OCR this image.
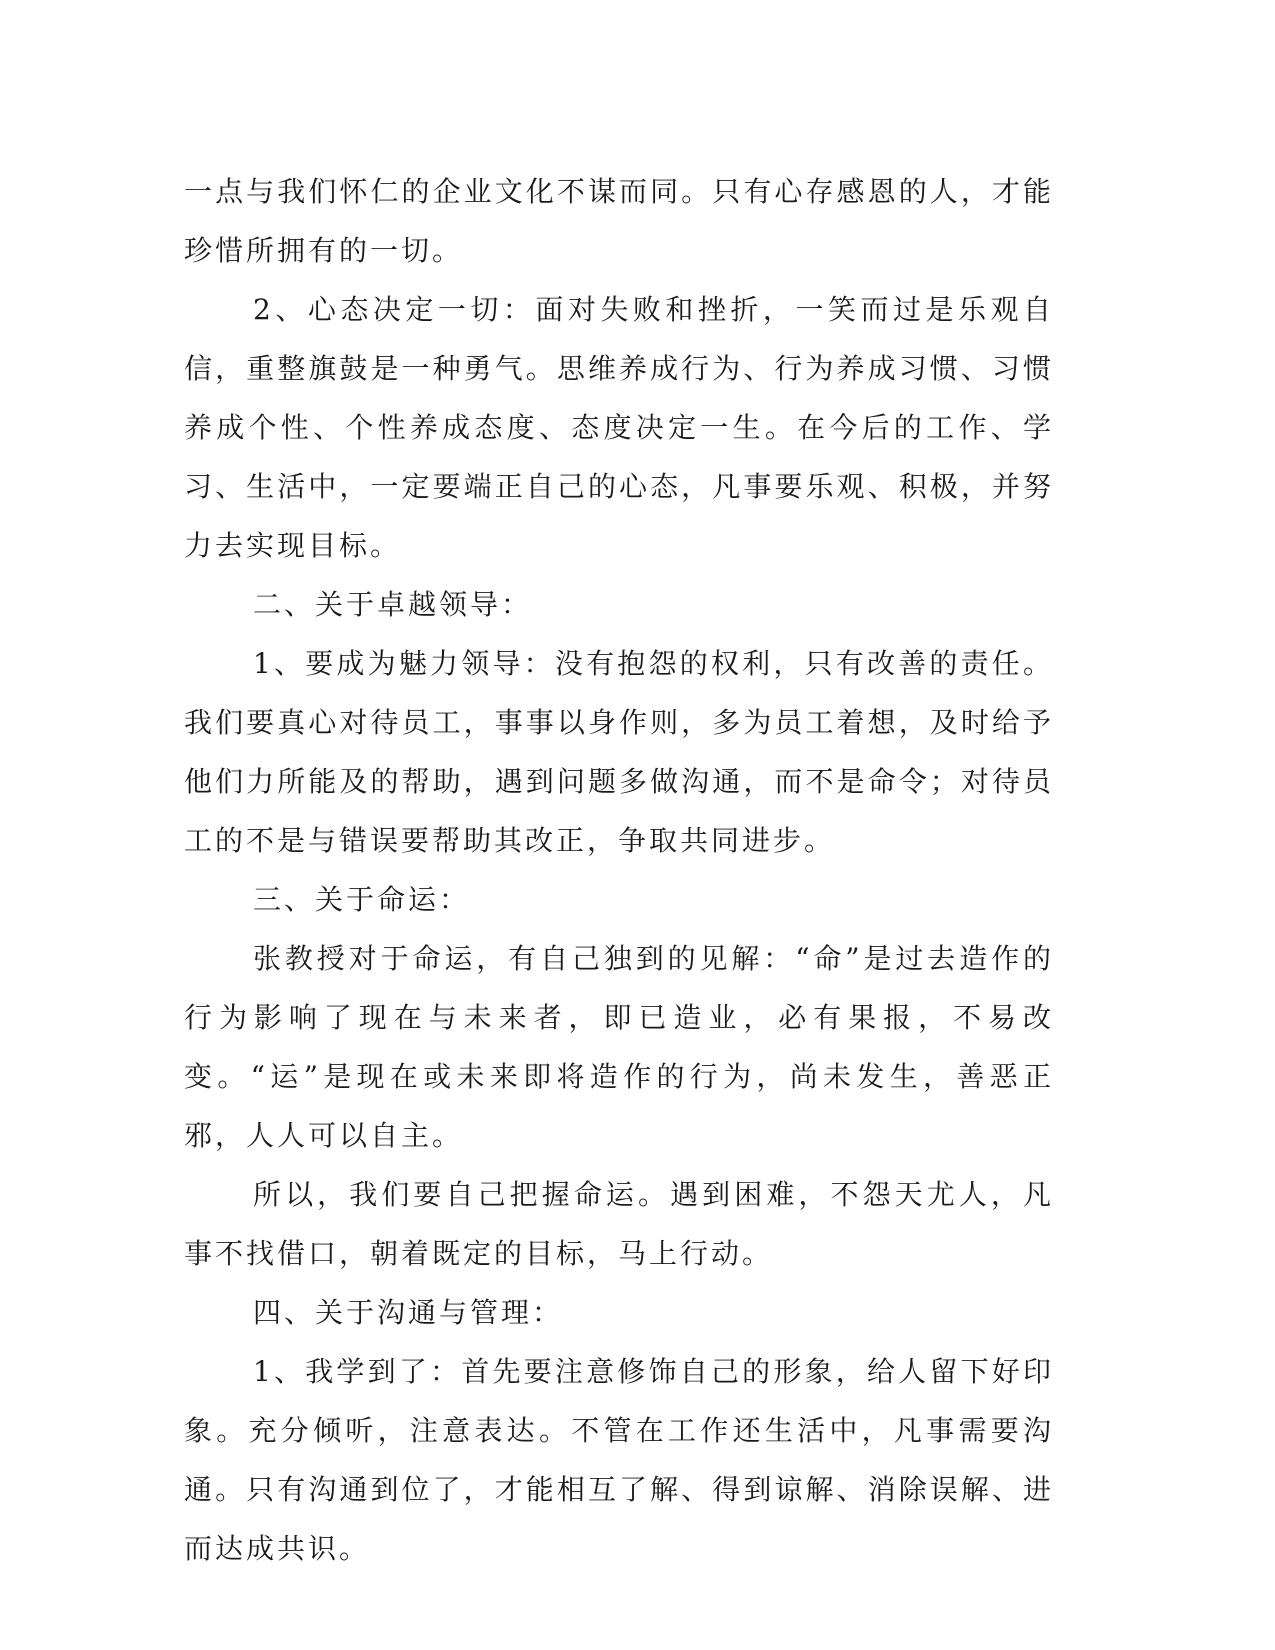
一点与我们怀仁的企业文化不谋而同。只有心存感恩的人，才能珍惜所拥有的一切。

2、心态决定一切：面对失败和挫折，一笑而过是乐观自信，重整旗鼓是一种勇气。思维养成行为、行为养成习惯、习惯养成个性、个性养成态度、态度决定一生。在今后的工作、学习、生活中，一定要端正自己的心态，凡事要乐观、积极，并努力去实现目标。

二、关于卓越领导：

1、要成为魅力领导：没有抱怨的权利，只有改善的责任。我们要真心对待员工，事事以身作则，多为员工着想，及时给予他们力所能及的帮助，遇到问题多做沟通，而不是命令；对待员工的不是与错误要帮助其改正，争取共同进步。

三、关于命运：

张教授对于命运，有自己独到的见解：“命”是过去造作的行为影响了现在与未来者，即已造业，必有果报，不易改变。“运”是现在或未来即将造作的行为，尚未发生，善恶正邪，人人可以自主。

所以，我们要自己把握命运。遇到困难，不怨天尤人，凡事不找借口，朝着既定的目标，马上行动。

四、关于沟通与管理：

1、我学到了：首先要注意修饰自己的形象，给人留下好印象。充分倾听，注意表达。不管在工作还生活中，凡事需要沟通。只有沟通到位了，才能相互了解、得到谅解、消除误解、进而达成共识。
